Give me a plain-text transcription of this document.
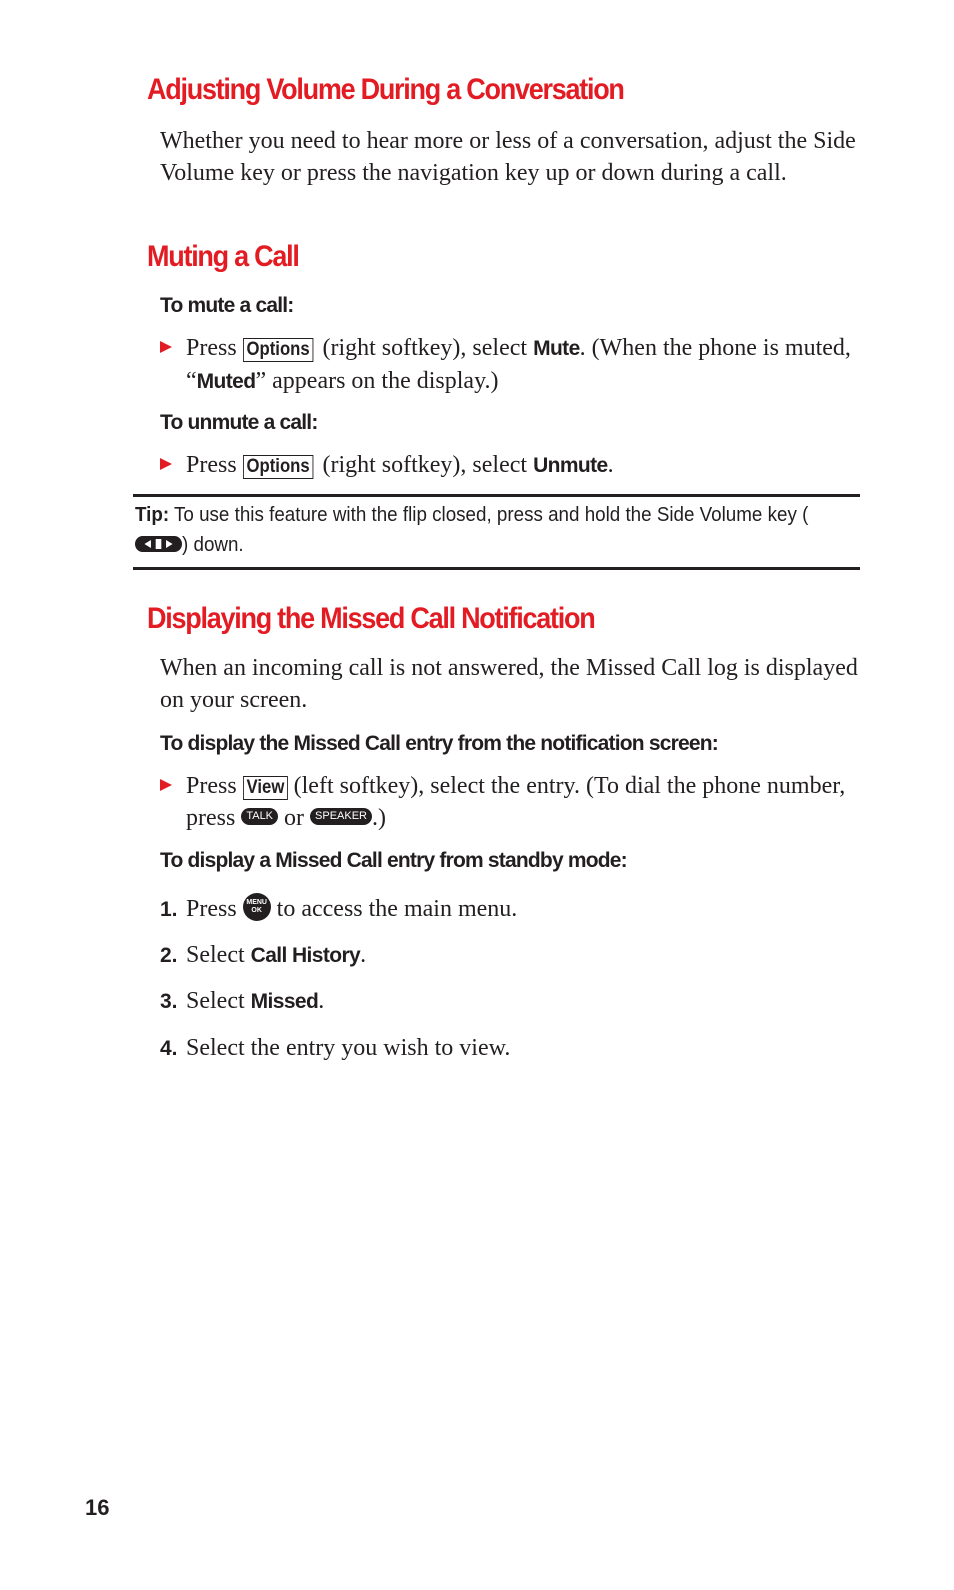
Adjusting Volume During a Conversation

Whether you need to hear more or less of a conversation, adjust the Side Volume key or press the navigation key up or down during a call.

Muting a Call

To mute a call:

Press Options (right softkey), select Mute. (When the phone is muted, “Muted” appears on the display.)

To unmute a call:

Press Options (right softkey), select Unmute.
Tip: To use this feature with the flip closed, press and hold the Side Volume key (
) down.
Displaying the Missed Call Notification

When an incoming call is not answered, the Missed Call log is displayed on your screen.

To display the Missed Call entry from the notification screen:

Press View (left softkey), select the entry. (To dial the phone number, press TALK or SPEAKER .)

To display a Missed Call entry from standby mode:

1. Press MENU
OK to access the main menu.
2. Select Call History.
3. Select Missed.
4. Select the entry you wish to view.
16
